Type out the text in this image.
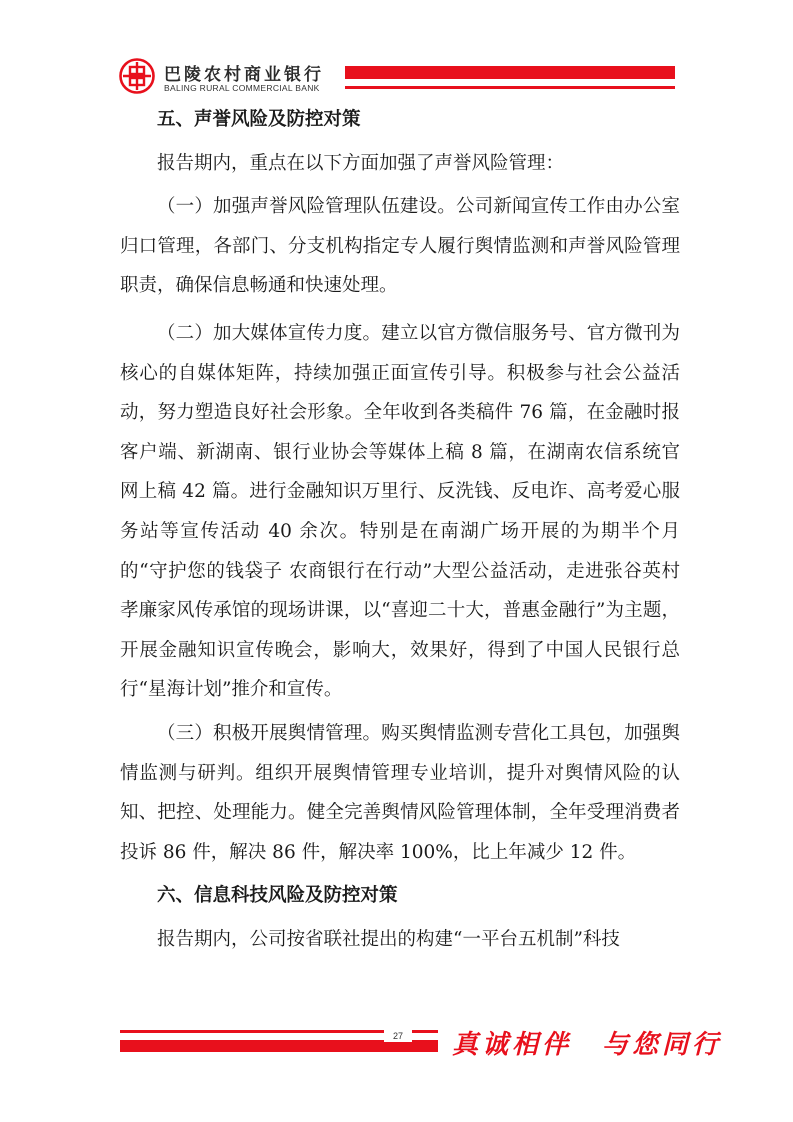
巴陵农村商业银行
BALING RURAL COMMERCIAL BANK
五、声誉风险及防控对策

报告期内，重点在以下方面加强了声誉风险管理：

（一）加强声誉风险管理队伍建设。公司新闻宣传工作由办公室归口管理，各部门、分支机构指定专人履行舆情监测和声誉风险管理职责，确保信息畅通和快速处理。

（二）加大媒体宣传力度。建立以官方微信服务号、官方微刊为核心的自媒体矩阵，持续加强正面宣传引导。积极参与社会公益活动，努力塑造良好社会形象。全年收到各类稿件 76 篇，在金融时报客户端、新湖南、银行业协会等媒体上稿 8 篇，在湖南农信系统官网上稿 42 篇。进行金融知识万里行、反洗钱、反电诈、高考爱心服务站等宣传活动 40 余次。特别是在南湖广场开展的为期半个月的“守护您的钱袋子 农商银行在行动”大型公益活动，走进张谷英村孝廉家风传承馆的现场讲课，以“喜迎二十大，普惠金融行”为主题，开展金融知识宣传晚会，影响大，效果好，得到了中国人民银行总行“星海计划”推介和宣传。

（三）积极开展舆情管理。购买舆情监测专营化工具包，加强舆情监测与研判。组织开展舆情管理专业培训，提升对舆情风险的认知、把控、处理能力。健全完善舆情风险管理体制，全年受理消费者投诉 86 件，解决 86 件，解决率 100%，比上年减少 12 件。

六、信息科技风险及防控对策

报告期内，公司按省联社提出的构建“一平台五机制”科技

27	真诚相伴　与您同行
